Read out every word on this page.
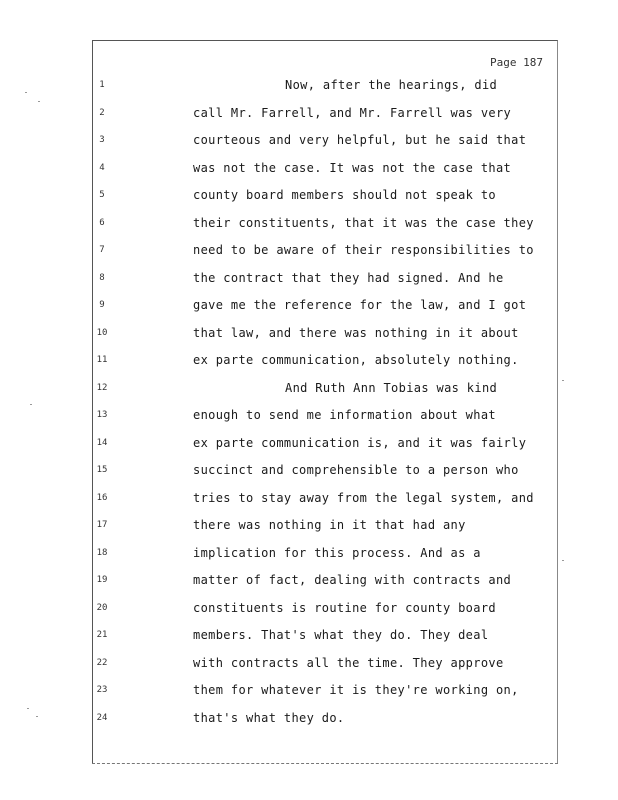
Page 187
1	Now, after the hearings, did
2	call Mr. Farrell, and Mr. Farrell was very
3	courteous and very helpful, but he said that
4	was not the case. It was not the case that
5	county board members should not speak to
6	their constituents, that it was the case they
7	need to be aware of their responsibilities to
8	the contract that they had signed. And he
9	gave me the reference for the law, and I got
10	that law, and there was nothing in it about
11	ex parte communication, absolutely nothing.
12	And Ruth Ann Tobias was kind
13	enough to send me information about what
14	ex parte communication is, and it was fairly
15	succinct and comprehensible to a person who
16	tries to stay away from the legal system, and
17	there was nothing in it that had any
18	implication for this process. And as a
19	matter of fact, dealing with contracts and
20	constituents is routine for county board
21	members. That's what they do. They deal
22	with contracts all the time. They approve
23	them for whatever it is they're working on,
24	that's what they do.
